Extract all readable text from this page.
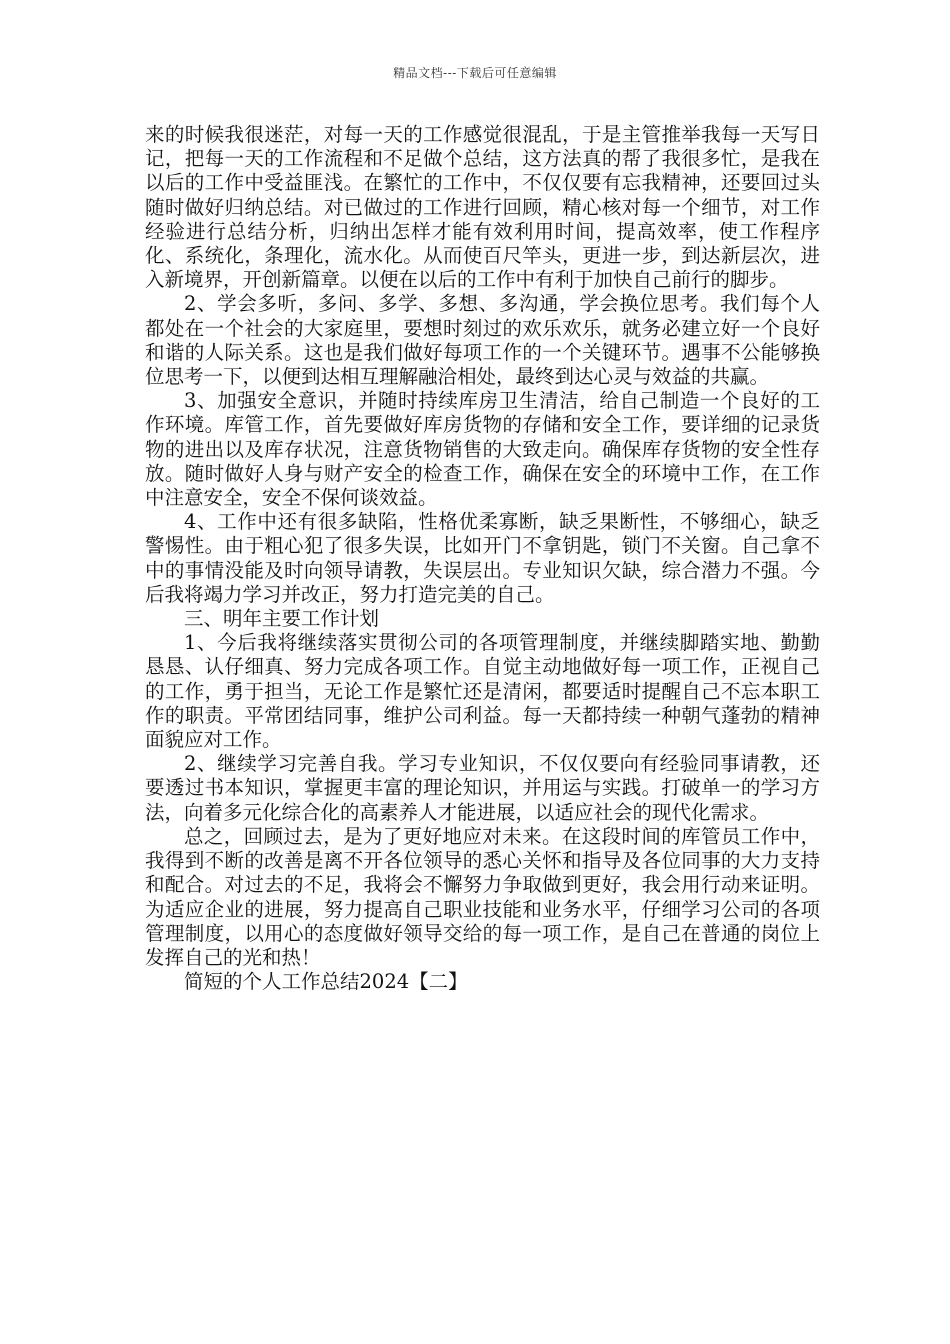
精品文档---下载后可任意编辑

来的时候我很迷茫，对每一天的工作感觉很混乱，于是主管推举我每一天写日记，把每一天的工作流程和不足做个总结，这方法真的帮了我很多忙，是我在以后的工作中受益匪浅。在繁忙的工作中，不仅仅要有忘我精神，还要回过头随时做好归纳总结。对已做过的工作进行回顾，精心核对每一个细节，对工作经验进行总结分析，归纳出怎样才能有效利用时间，提高效率，使工作程序化、系统化，条理化，流水化。从而使百尺竿头，更进一步，到达新层次，进入新境界，开创新篇章。以便在以后的工作中有利于加快自己前行的脚步。

2、学会多听，多问、多学、多想、多沟通，学会换位思考。我们每个人都处在一个社会的大家庭里，要想时刻过的欢乐欢乐，就务必建立好一个良好和谐的人际关系。这也是我们做好每项工作的一个关键环节。遇事不公能够换位思考一下，以便到达相互理解融洽相处，最终到达心灵与效益的共赢。

3、加强安全意识，并随时持续库房卫生清洁，给自己制造一个良好的工作环境。库管工作，首先要做好库房货物的存储和安全工作，要详细的记录货物的进出以及库存状况，注意货物销售的大致走向。确保库存货物的安全性存放。随时做好人身与财产安全的检查工作，确保在安全的环境中工作，在工作中注意安全，安全不保何谈效益。

4、工作中还有很多缺陷，性格优柔寡断，缺乏果断性，不够细心，缺乏警惕性。由于粗心犯了很多失误，比如开门不拿钥匙，锁门不关窗。自己拿不中的事情没能及时向领导请教，失误层出。专业知识欠缺，综合潜力不强。今后我将竭力学习并改正，努力打造完美的自己。

三、明年主要工作计划

1、今后我将继续落实贯彻公司的各项管理制度，并继续脚踏实地、勤勤恳恳、认仔细真、努力完成各项工作。自觉主动地做好每一项工作，正视自己的工作，勇于担当，无论工作是繁忙还是清闲，都要适时提醒自己不忘本职工作的职责。平常团结同事，维护公司利益。每一天都持续一种朝气蓬勃的精神面貌应对工作。

2、继续学习完善自我。学习专业知识，不仅仅要向有经验同事请教，还要透过书本知识，掌握更丰富的理论知识，并用运与实践。打破单一的学习方法，向着多元化综合化的高素养人才能进展，以适应社会的现代化需求。

总之，回顾过去，是为了更好地应对未来。在这段时间的库管员工作中，我得到不断的改善是离不开各位领导的悉心关怀和指导及各位同事的大力支持和配合。对过去的不足，我将会不懈努力争取做到更好，我会用行动来证明。为适应企业的进展，努力提高自己职业技能和业务水平，仔细学习公司的各项管理制度，以用心的态度做好领导交给的每一项工作，是自己在普通的岗位上发挥自己的光和热！

简短的个人工作总结2024【二】
